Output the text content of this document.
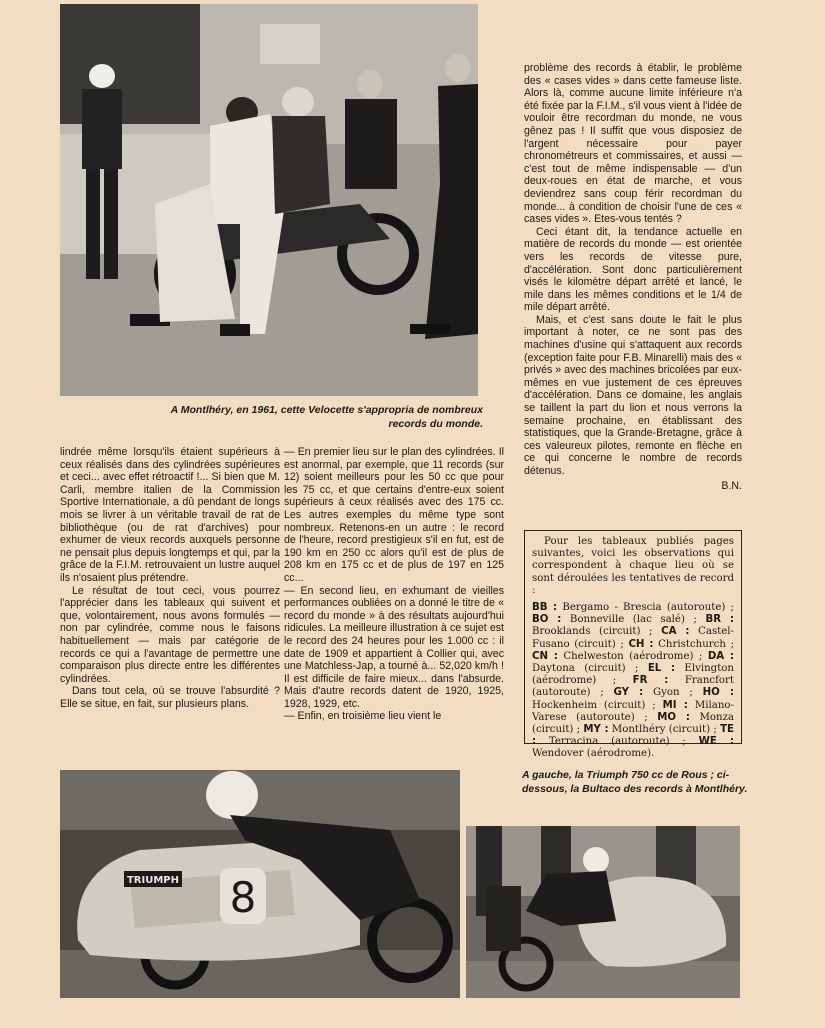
A Montlhéry, en 1961, cette Velocette s'appropria de nombreux records du monde.

problème des records à établir, le problème des « cases vides » dans cette fameuse liste. Alors là, comme aucune limite inférieure n'a été fixée par la F.I.M., s'il vous vient à l'idée de vouloir être recordman du monde, ne vous gênez pas ! Il suffit que vous disposiez de l'argent nécessaire pour payer chronométreurs et commissaires, et aussi — c'est tout de même indispensable — d'un deux-roues en état de marche, et vous deviendrez sans coup férir recordman du monde... à condition de choisir l'une de ces « cases vides ». Etes-vous tentés ?

Ceci étant dit, la tendance actuelle en matière de records du monde — est orientée vers les records de vitesse pure, d'accélération. Sont donc particulièrement visés le kilomètre départ arrêté et lancé, le mile dans les mêmes conditions et le 1/4 de mile départ arrêté.

Mais, et c'est sans doute le fait le plus important à noter, ce ne sont pas des machines d'usine qui s'attaquent aux records (exception faite pour F.B. Minarelli) mais des « privés » avec des machines bricolées par eux-mêmes en vue justement de ces épreuves d'accélération. Dans ce domaine, les anglais se taillent la part du lion et nous verrons la semaine prochaine, en établissant des statistiques, que la Grande-Bretagne, grâce à ces valeureux pilotes, remonte en flèche en ce qui concerne le nombre de records détenus.

B.N.

lindrée même lorsqu'ils étaient supérieurs à ceux réalisés dans des cylindrées supérieures et ceci... avec effet rétroactif !... Si bien que M. Carli, membre italien de la Commission Sportive Internationale, a dû pendant de longs mois se livrer à un véritable travail de rat de bibliothèque (ou de rat d'archives) pour exhumer de vieux records auxquels personne ne pensait plus depuis longtemps et qui, par la grâce de la F.I.M. retrouvaient un lustre auquel ils n'osaient plus prétendre.

Le résultat de tout ceci, vous pourrez l'apprécier dans les tableaux qui suivent et que, volontairement, nous avons formulés — non par cylindrée, comme nous le faisons habituellement — mais par catégorie de records ce qui a l'avantage de permettre une comparaison plus directe entre les différentes cylindrées.

Dans tout cela, où se trouve l'absurdité ? Elle se situe, en fait, sur plusieurs plans.

— En premier lieu sur le plan des cylindrées. Il est anormal, par exemple, que 11 records (sur 12) soient meilleurs pour les 50 cc que pour les 75 cc, et que certains d'entre-eux soient supérieurs à ceux réalisés avec des 175 cc. Les autres exemples du même type sont nombreux. Retenons-en un autre : le record de l'heure, record prestigieux s'il en fut, est de 190 km en 250 cc alors qu'il est de plus de 208 km en 175 cc et de plus de 197 en 125 cc...

— En second lieu, en exhumant de vieilles performances oubliées on a donné le titre de « record du monde » à des résultats aujourd'hui ridicules. La meilleure illustration à ce sujet est le record des 24 heures pour les 1.000 cc : il date de 1909 et appartient à Collier qui, avec une Matchless-Jap, a tourné à... 52,020 km/h ! Il est difficile de faire mieux... dans l'absurde. Mais d'autre records datent de 1920, 1925, 1928, 1929, etc.

— Enfin, en troisième lieu vient le

Pour les tableaux publiés pages suivantes, voici les observations qui correspondent à chaque lieu où se sont déroulées les tentatives de record :

BB : Bergamo - Brescia (autoroute) ; BO : Bonneville (lac salé) ; BR : Brooklands (circuit) ; CA : Castel-Fusano (circuit) ; CH : Christchurch ; CN : Chelweston (aérodrome) ; DA : Daytona (circuit) ; EL : Elvington (aérodrome) ; FR : Francfort (autoroute) ; GY : Gyon ; HO : Hockenheim (circuit) ; MI : Milano-Varese (autoroute) ; MO : Monza (circuit) ; MY : Montlhéry (circuit) ; TE : Terracina (autoroute) ; WE : Wendover (aérodrome).

A gauche, la Triumph 750 cc de Rous ; ci-dessous, la Bultaco des records à Montlhéry.
TRIUMPH 8
